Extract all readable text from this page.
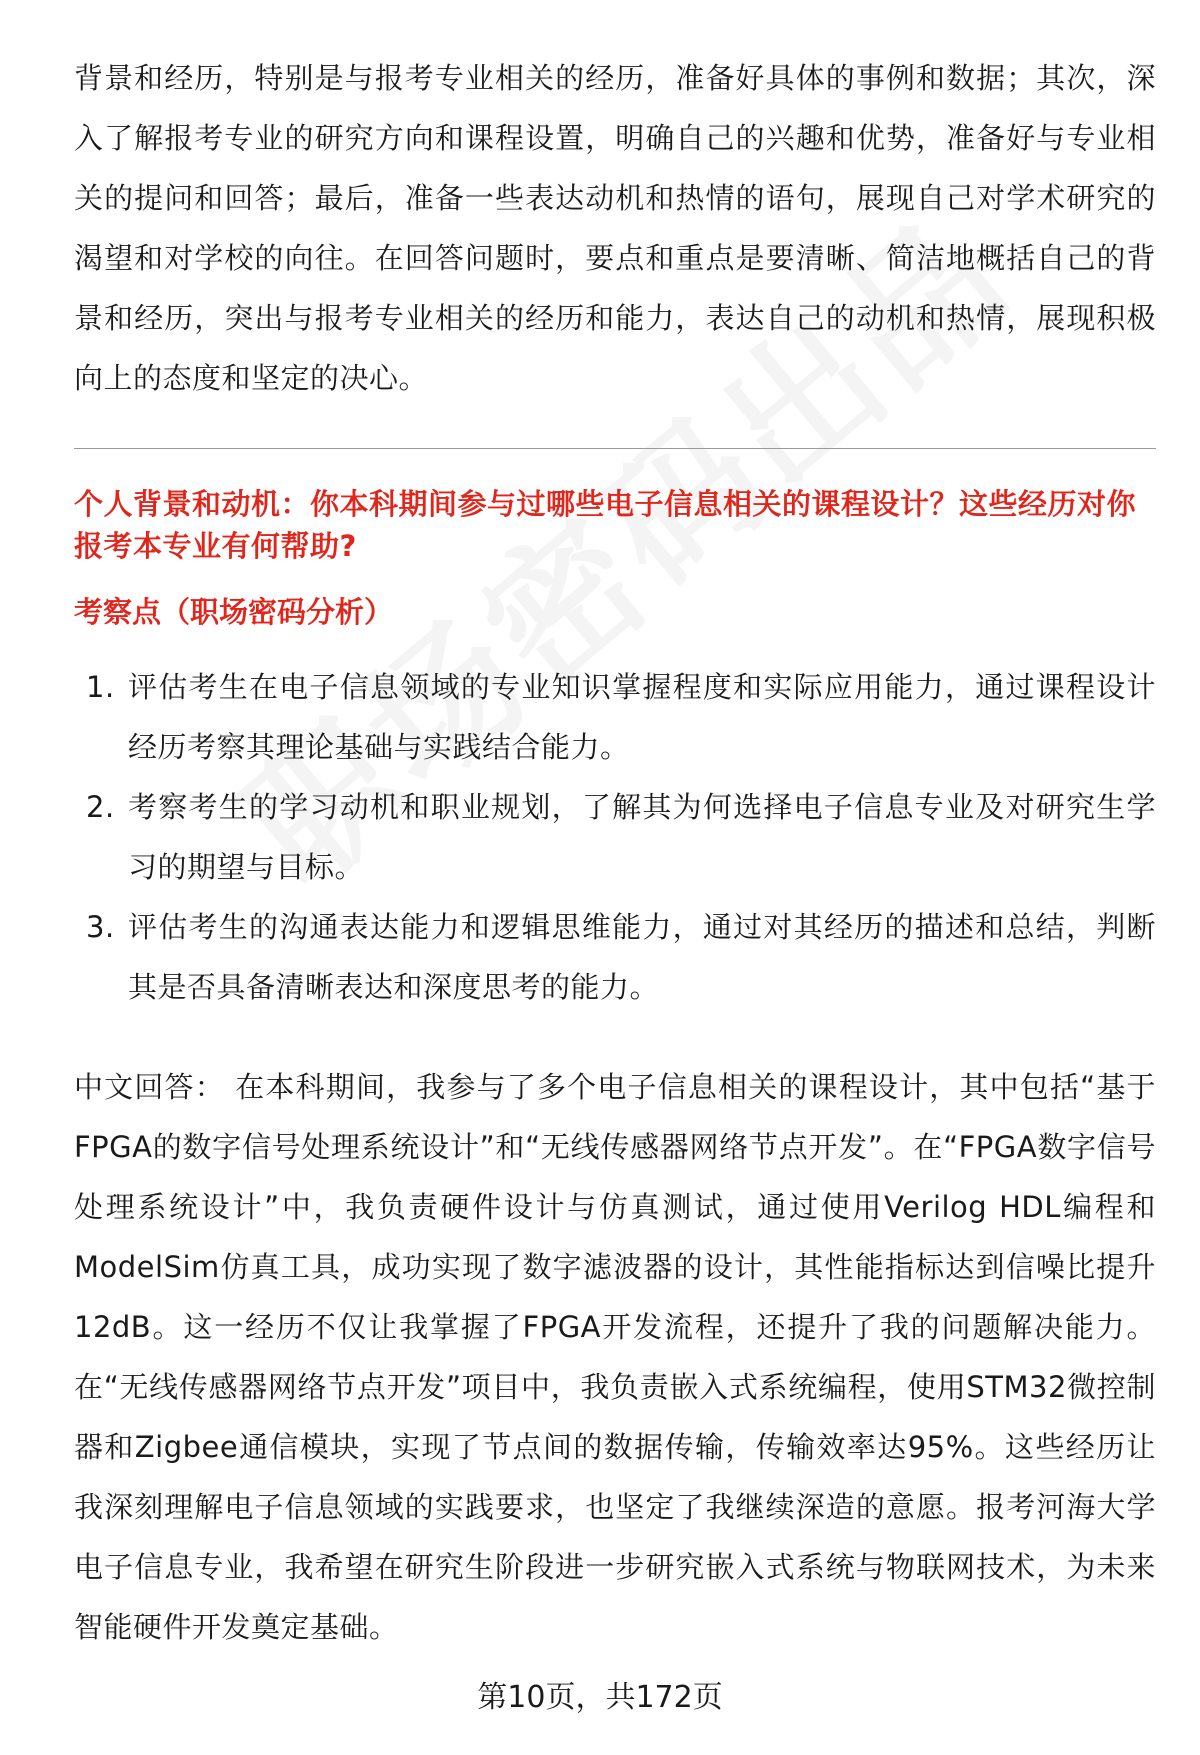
背景和经历，特别是与报考专业相关的经历，准备好具体的事例和数据；其次，深入了解报考专业的研究方向和课程设置，明确自己的兴趣和优势，准备好与专业相关的提问和回答；最后，准备一些表达动机和热情的语句，展现自己对学术研究的渴望和对学校的向往。在回答问题时，要点和重点是要清晰、简洁地概括自己的背景和经历，突出与报考专业相关的经历和能力，表达自己的动机和热情，展现积极向上的态度和坚定的决心。

个人背景和动机：你本科期间参与过哪些电子信息相关的课程设计？这些经历对你报考本专业有何帮助?

考察点（职场密码分析）

1. 评估考生在电子信息领域的专业知识掌握程度和实际应用能力，通过课程设计经历考察其理论基础与实践结合能力。
2. 考察考生的学习动机和职业规划，了解其为何选择电子信息专业及对研究生学习的期望与目标。
3. 评估考生的沟通表达能力和逻辑思维能力，通过对其经历的描述和总结，判断其是否具备清晰表达和深度思考的能力。

中文回答： 在本科期间，我参与了多个电子信息相关的课程设计，其中包括“基于FPGA的数字信号处理系统设计”和“无线传感器网络节点开发”。在“FPGA数字信号处理系统设计”中，我负责硬件设计与仿真测试，通过使用Verilog HDL编程和ModelSim仿真工具，成功实现了数字滤波器的设计，其性能指标达到信噪比提升12dB。这一经历不仅让我掌握了FPGA开发流程，还提升了我的问题解决能力。在“无线传感器网络节点开发”项目中，我负责嵌入式系统编程，使用STM32微控制器和Zigbee通信模块，实现了节点间的数据传输，传输效率达95%。这些经历让我深刻理解电子信息领域的实践要求，也坚定了我继续深造的意愿。报考河海大学电子信息专业，我希望在研究生阶段进一步研究嵌入式系统与物联网技术，为未来智能硬件开发奠定基础。

第10页，共172页
